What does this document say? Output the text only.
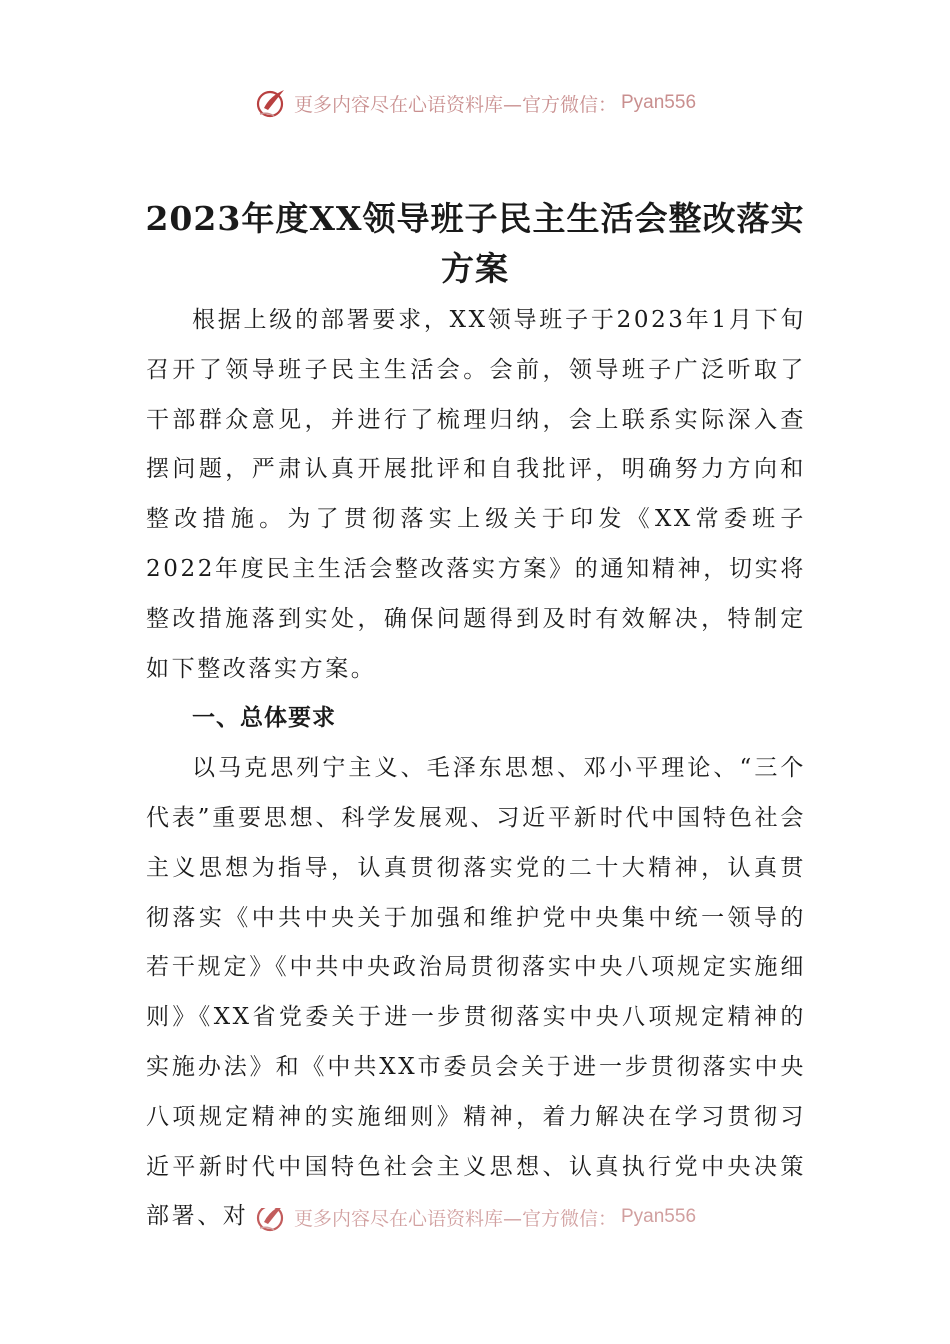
更多内容尽在心语资料库—官方微信： Pyan556
2023年度XX领导班子民主生活会整改落实方案

根据上级的部署要求，XX领导班子于2023年1月下旬召开了领导班子民主生活会。会前，领导班子广泛听取了干部群众意见，并进行了梳理归纳，会上联系实际深入查摆问题，严肃认真开展批评和自我批评，明确努力方向和整改措施。为了贯彻落实上级关于印发《XX常委班子2022年度民主生活会整改落实方案》的通知精神，切实将整改措施落到实处，确保问题得到及时有效解决，特制定如下整改落实方案。

一、总体要求

以马克思列宁主义、毛泽东思想、邓小平理论、“三个代表”重要思想、科学发展观、习近平新时代中国特色社会主义思想为指导，认真贯彻落实党的二十大精神，认真贯彻落实《中共中央关于加强和维护党中央集中统一领导的若干规定》《中共中央政治局贯彻落实中央八项规定实施细则》《XX省党委关于进一步贯彻落实中央八项规定精神的实施办法》和《中共XX市委员会关于进一步贯彻落实中央八项规定精神的实施细则》精神，着力解决在学习贯彻习近平新时代中国特色社会主义思想、认真执行党中央决策部署、对	更多内容尽在心语资料库—官方微信： Pyan556
